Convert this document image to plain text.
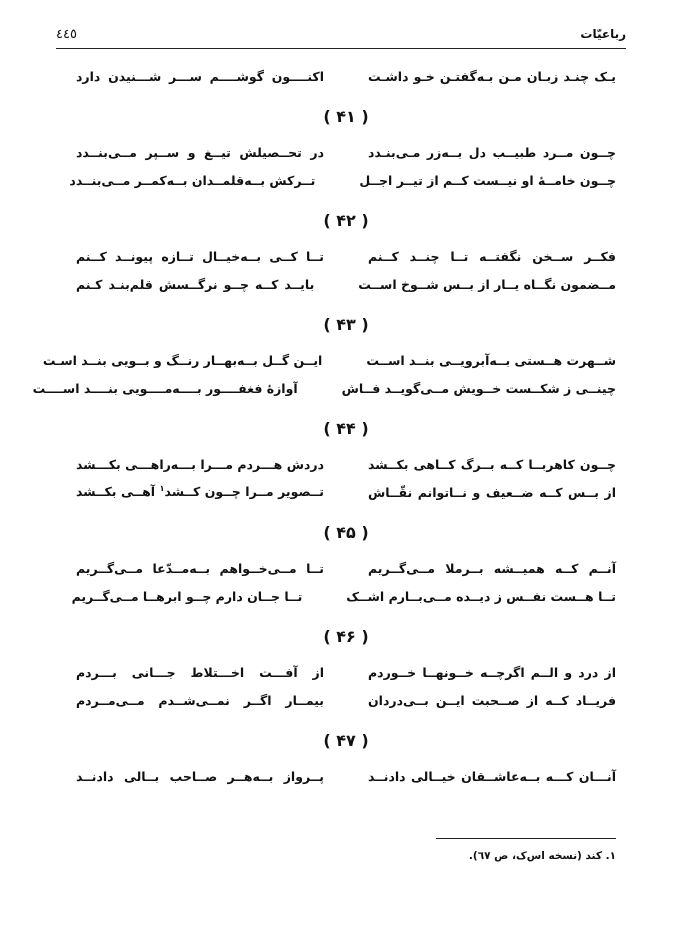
رباعیّات
٤٤٥
یـک چنـد زبـان مـن بـه‌گفتـن خـو داشـت
اکنــــون گوشــــم ســـر شـــنیدن دارد
( ۴۱ )
چــون مــرد طبیــب دل بــه‌زر مـی‌بنـدد
در تحــصیلش تیــغ و ســپر مــی‌بنــدد
چــون خامــهٔ او نیــست کــم از تیــر اجــل
تــرکش بــه‌قلمــدان بــه‌کمــر مــی‌بنــدد
( ۴۲ )
فکــر ســخن نگفتــه تــا چنــد کــنم
تــا کــی بــه‌خیــال تــازه پیونــد کــنم
مــضمون نگــاه یــار از بــس شــوخ اســت
بایــد کــه چــو نرگــسش قلم‌بنـد کـنم
( ۴۳ )
شــهرت هــستی بــه‌آبرویــی بنــد اســت
ایــن گــل بــه‌بهــار رنــگ و بــویی بنــد اسـت
چینــی ز شکــست خــویش مــی‌گویــد فــاش
آوازهٔ فغفــــور بــــه‌مــــویی بنــــد اســــت
( ۴۴ )
چــون کاهربــا کــه بــرگ کــاهی بکــشد
دردش هـــردم مـــرا بـــه‌راهـــی بکـــشد
از بــس کــه ضــعیف و نــاتوانم نقّــاش
تــصویر مــرا چــون کــشد$^١$ آهــی بکــشد
( ۴۵ )
آنــم کــه همیــشه بــرملا مــی‌گــریم
تــا مــی‌خــواهم بــه‌مــدّعا مــی‌گــریم
تــا هــست نفــس ز دیــده مــی‌بــارم اشــک
تــا جــان دارم چــو ابرهــا مــی‌گــریم
( ۴۶ )
از درد و الــم اگرچــه خــونهــا خــوردم
از آفـــت اخـــتلاط جـــانی بـــردم
فریــاد کــه از صــحبت ایــن بــی‌دردان
بیمــار اگــر نمــی‌شــدم مــی‌مــردم
( ۴۷ )
آنـــان کـــه بــه‌عاشــقان خیــالی دادنــد
پــرواز بــه‌هــر صــاحب بــالی دادنــد
١. کند (نسخه اس‌ک، ص ٦٧).
